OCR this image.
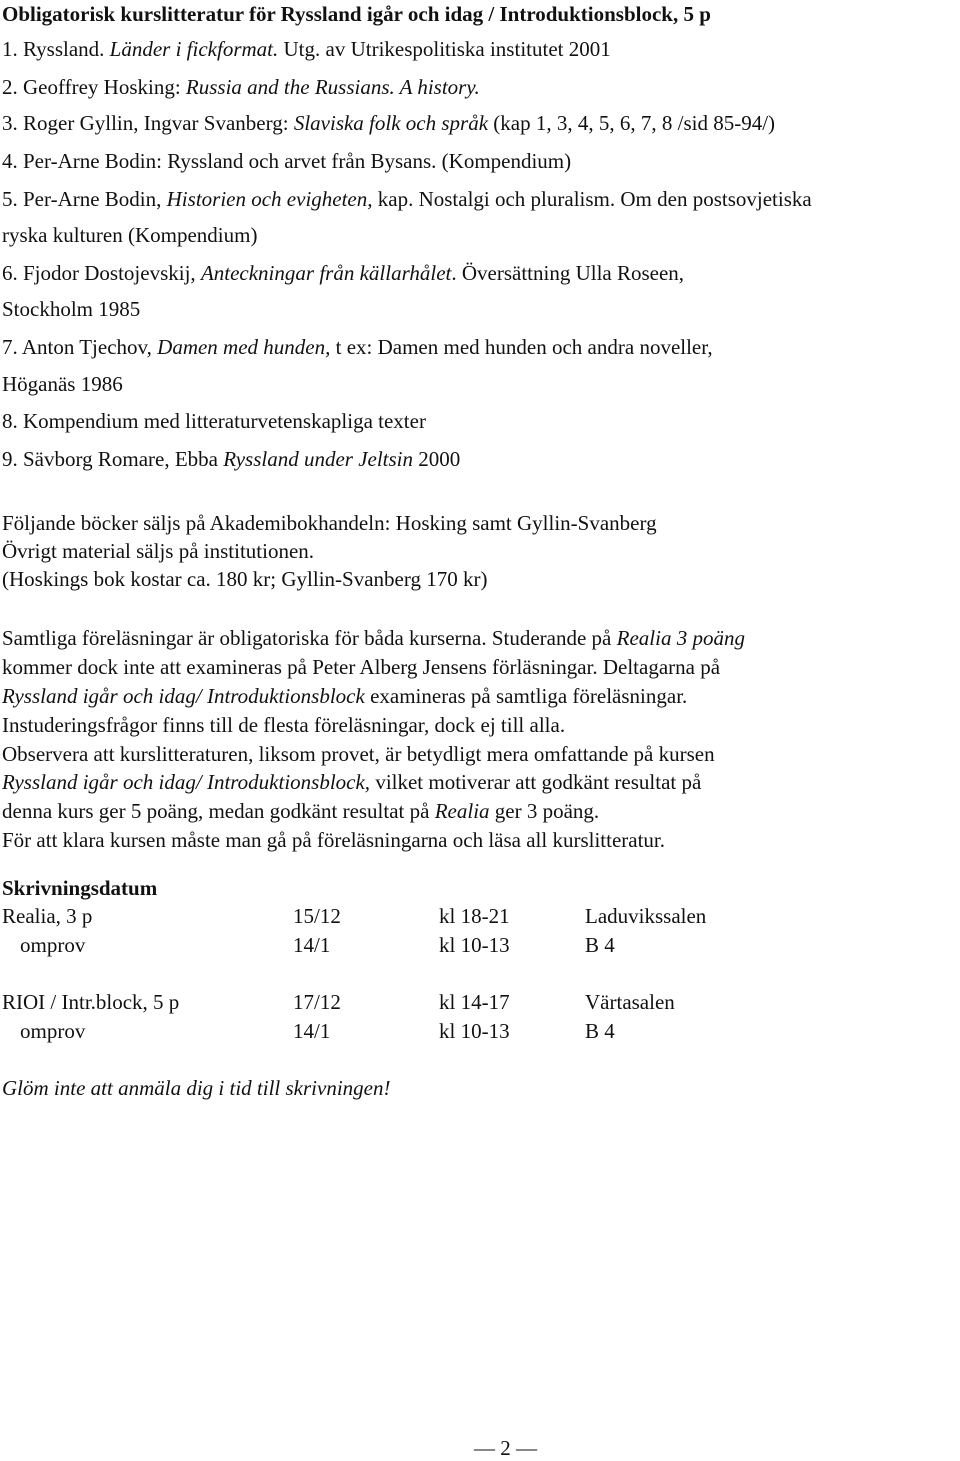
Obligatorisk kurslitteratur för Ryssland igår och idag / Introduktionsblock, 5 p
1. Ryssland. Länder i fickformat. Utg. av Utrikespolitiska institutet 2001
2. Geoffrey Hosking: Russia and the Russians. A history.
3. Roger Gyllin, Ingvar Svanberg: Slaviska folk och språk (kap 1, 3, 4, 5, 6, 7, 8 /sid 85-94/)
4. Per-Arne Bodin: Ryssland och arvet från Bysans. (Kompendium)
5. Per-Arne Bodin, Historien och evigheten, kap. Nostalgi och pluralism. Om den postsovjetiska
ryska kulturen (Kompendium)
6. Fjodor Dostojevskij, Anteckningar från källarhålet. Översättning Ulla Roseen,
Stockholm 1985
7. Anton Tjechov, Damen med hunden, t ex: Damen med hunden och andra noveller,
Höganäs 1986
8. Kompendium med litteraturvetenskapliga texter
9. Sävborg Romare, Ebba Ryssland under Jeltsin 2000
Följande böcker säljs på Akademibokhandeln: Hosking samt Gyllin-Svanberg
Övrigt material säljs på institutionen.
(Hoskings bok kostar ca. 180 kr; Gyllin-Svanberg 170 kr)
Samtliga föreläsningar är obligatoriska för båda kurserna. Studerande på Realia 3 poäng
kommer dock inte att examineras på Peter Alberg Jensens förläsningar. Deltagarna på
Ryssland igår och idag/ Introduktionsblock examineras på samtliga föreläsningar.
Instuderingsfrågor finns till de flesta föreläsningar, dock ej till alla.
Observera att kurslitteraturen, liksom provet, är betydligt mera omfattande på kursen
Ryssland igår och idag/ Introduktionsblock, vilket motiverar att godkänt resultat på
denna kurs ger 5 poäng, medan godkänt resultat på Realia ger 3 poäng.
För att klara kursen måste man gå på föreläsningarna och läsa all kurslitteratur.
Skrivningsdatum
Realia, 3 p	15/12	kl 18-21	Laduvikssalen
omprov	14/1	kl 10-13	B 4
RIOI / Intr.block, 5 p	17/12	kl 14-17	Värtasalen
omprov	14/1	kl 10-13	B 4
Glöm inte att anmäla dig i tid till skrivningen!
— 2 —
